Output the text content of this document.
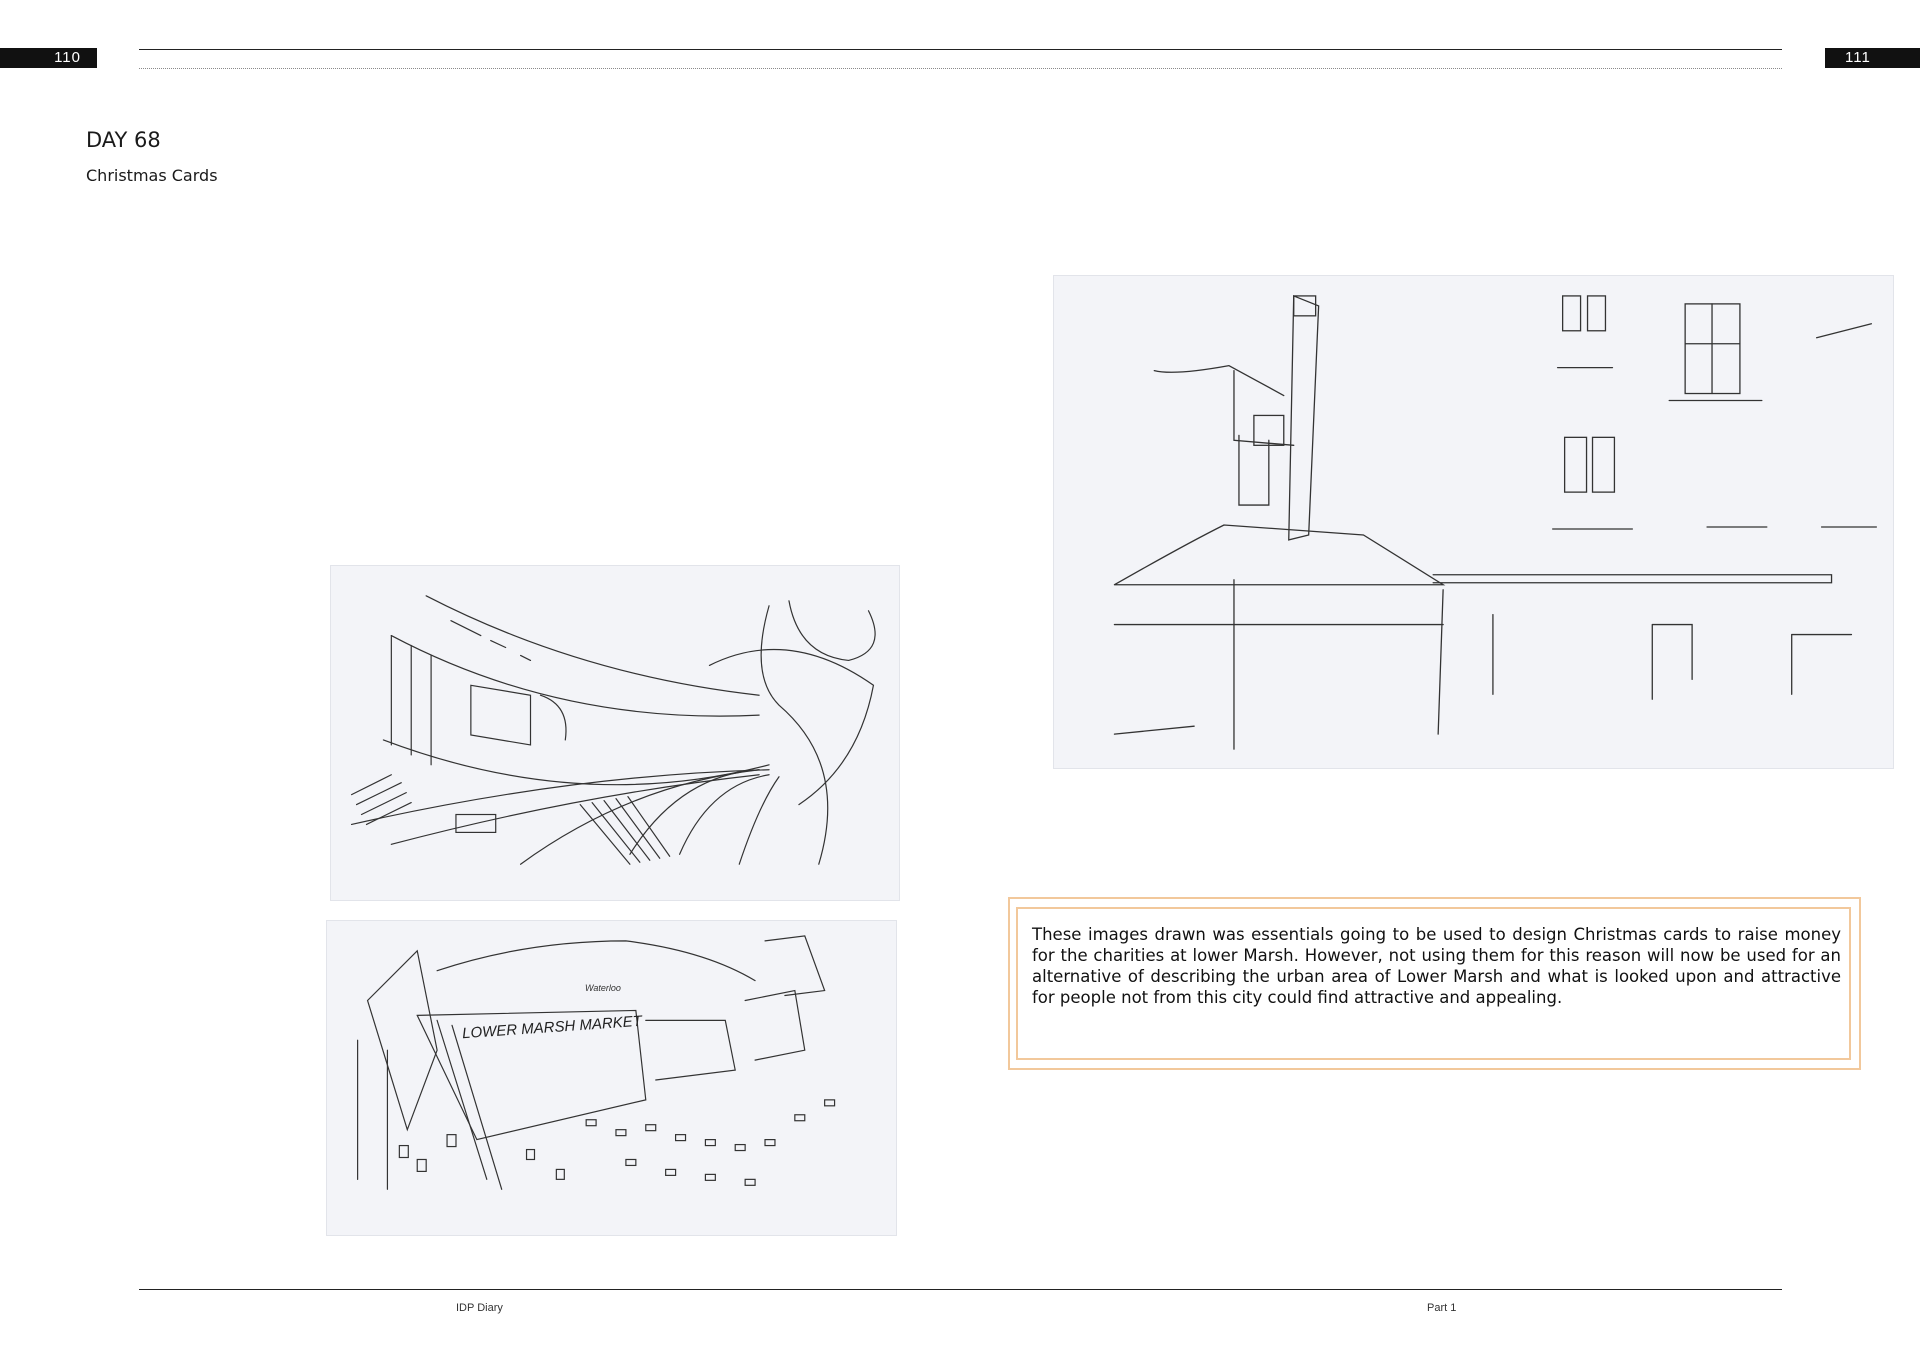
110	111
DAY 68
Christmas Cards
LOWER MARSH MARKET
Waterloo
These images drawn was essentials going to be used to design Christmas cards to raise money for the charities at lower Marsh. However, not using them for this reason will now be used for an alternative of describing the urban area of Lower Marsh and what is looked upon and attractive for people not from this city could find attractive and appealing.
IDP Diary	Part 1
